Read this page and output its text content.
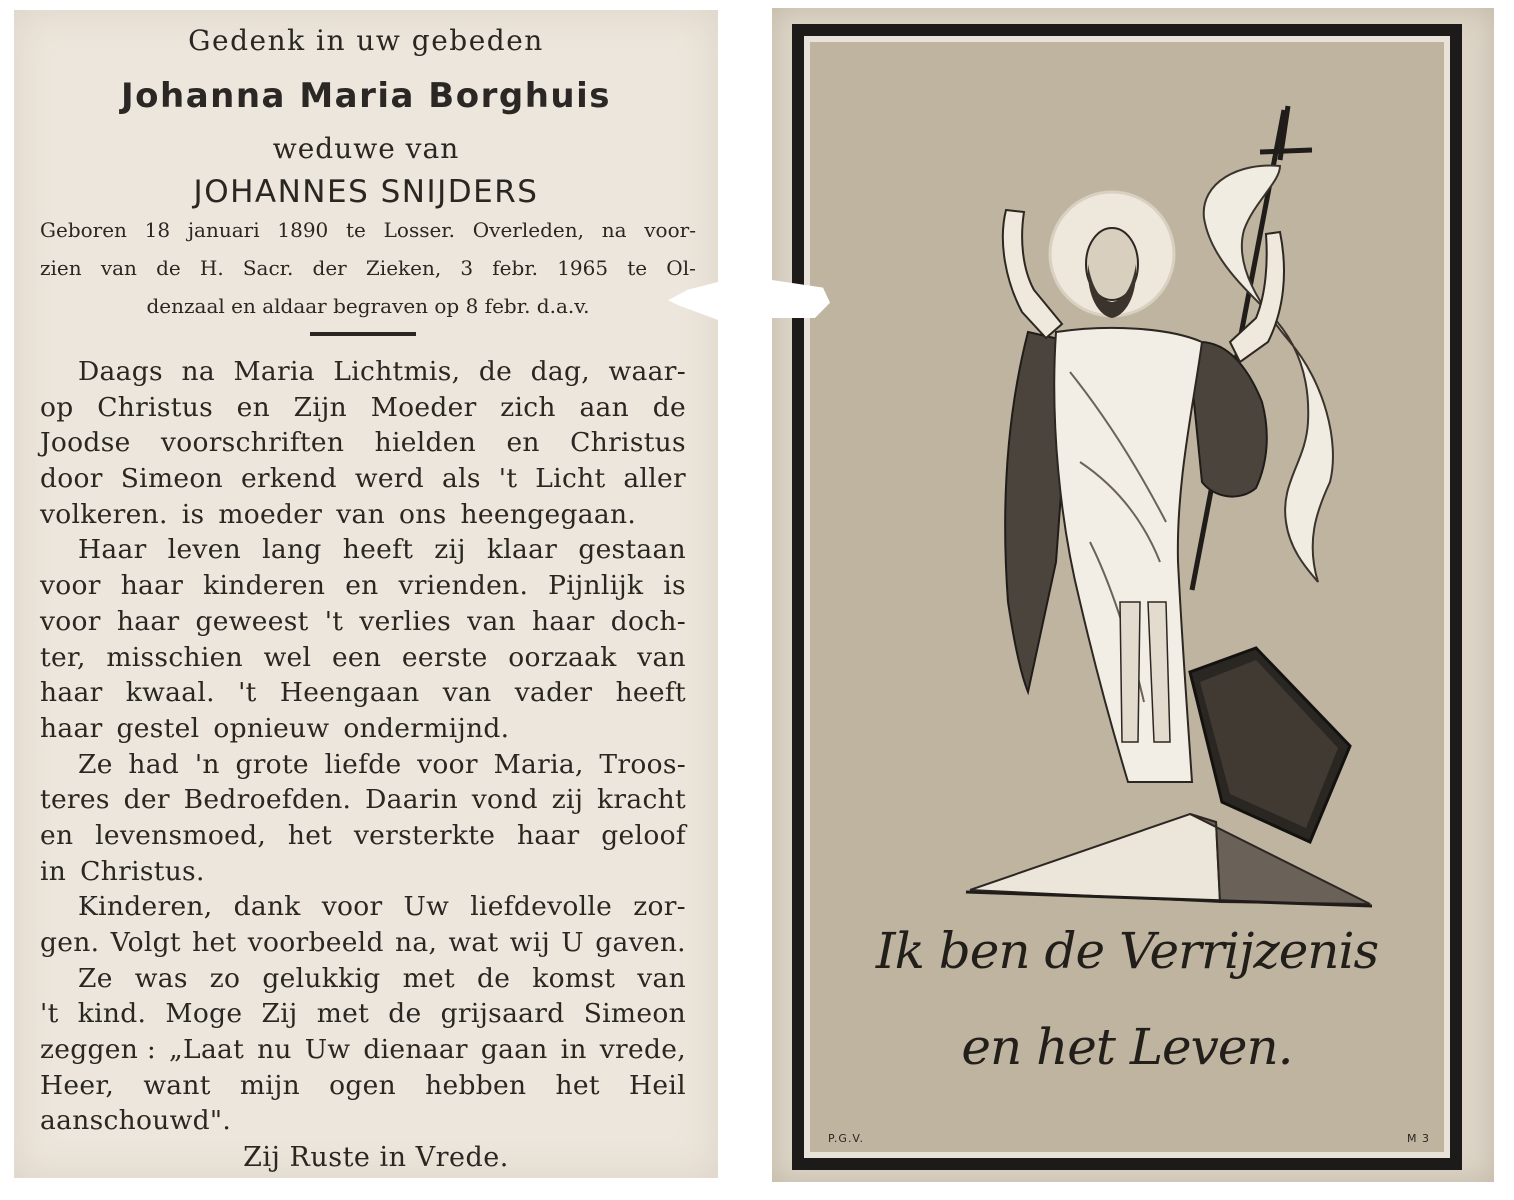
Gedenk in uw gebeden
Johanna Maria Borghuis
weduwe van
JOHANNES SNIJDERS
Geboren 18 januari 1890 te Losser. Overleden, na voor-
zien van de H. Sacr. der Zieken, 3 febr. 1965 te Ol-
denzaal en aldaar begraven op 8 febr. d.a.v.
Daags na Maria Lichtmis, de dag, waar-
op Christus en Zijn Moeder zich aan de
Joodse voorschriften hielden en Christus
door Simeon erkend werd als 't Licht aller
volkeren. is moeder van ons heengegaan.
Haar leven lang heeft zij klaar gestaan
voor haar kinderen en vrienden. Pijnlijk is
voor haar geweest 't verlies van haar doch-
ter, misschien wel een eerste oorzaak van
haar kwaal. 't Heengaan van vader heeft
haar gestel opnieuw ondermijnd.
Ze had 'n grote liefde voor Maria, Troos-
teres der Bedroefden. Daarin vond zij kracht
en levensmoed, het versterkte haar geloof
in Christus.
Kinderen, dank voor Uw liefdevolle zor-
gen. Volgt het voorbeeld na, wat wij U gaven.
Ze was zo gelukkig met de komst van
't kind. Moge Zij met de grijsaard Simeon
zeggen : „Laat nu Uw dienaar gaan in vrede,
Heer, want mijn ogen hebben het Heil
aanschouwd".
Zij Ruste in Vrede.
Ik ben de Verrijzenis
en het Leven.
P.G.V.	M 3
